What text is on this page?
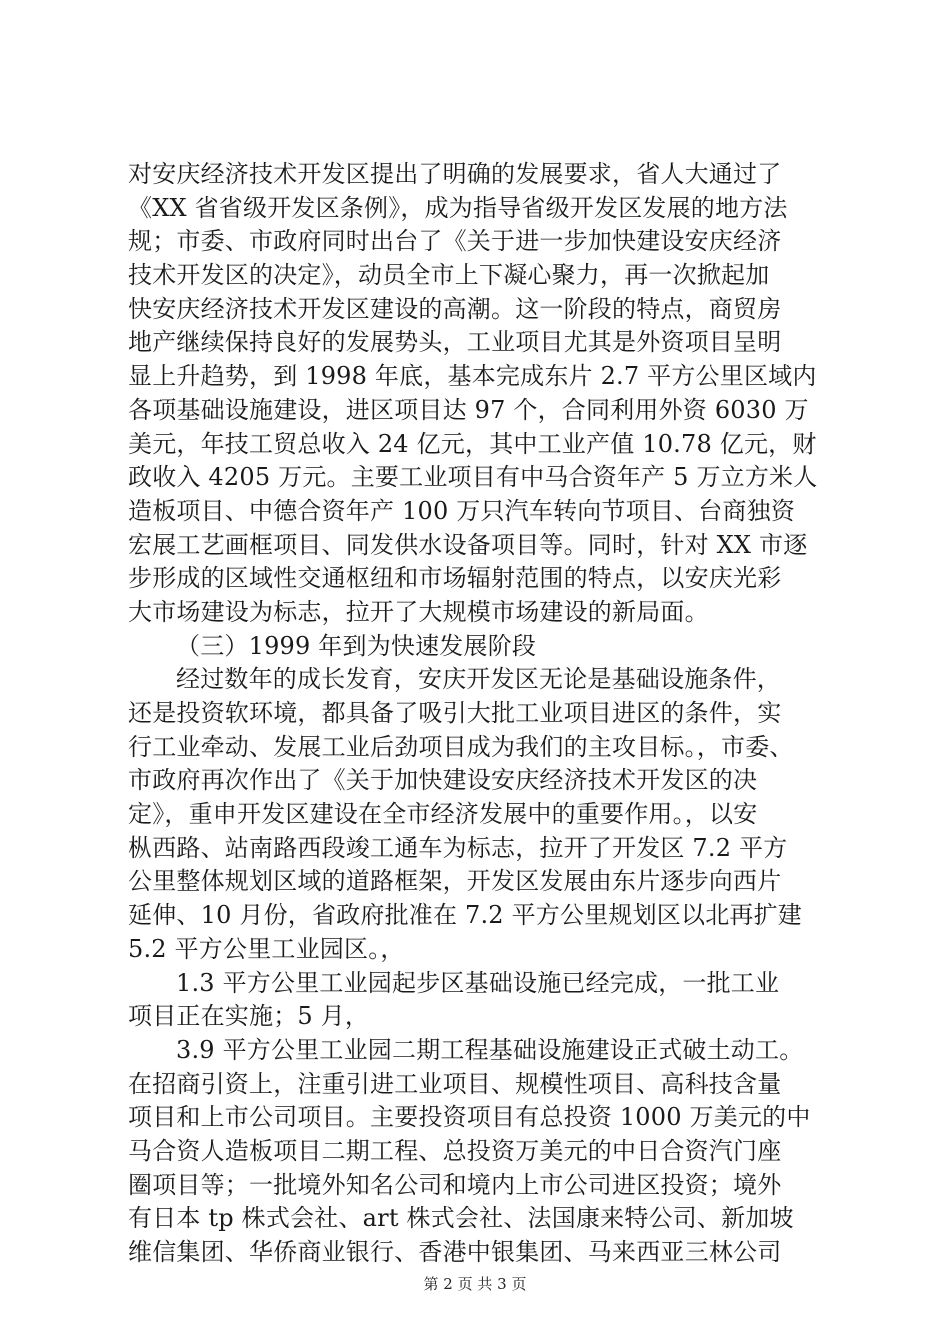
对安庆经济技术开发区提出了明确的发展要求，省人大通过了
《XX 省省级开发区条例》，成为指导省级开发区发展的地方法
规；市委、市政府同时出台了《关于进一步加快建设安庆经济
技术开发区的决定》，动员全市上下凝心聚力，再一次掀起加
快安庆经济技术开发区建设的高潮。这一阶段的特点，商贸房
地产继续保持良好的发展势头，工业项目尤其是外资项目呈明
显上升趋势，到 1998 年底，基本完成东片 2.7 平方公里区域内
各项基础设施建设，进区项目达 97 个，合同利用外资 6030 万
美元，年技工贸总收入 24 亿元，其中工业产值 10.78 亿元，财
政收入 4205 万元。主要工业项目有中马合资年产 5 万立方米人
造板项目、中德合资年产 100 万只汽车转向节项目、台商独资
宏展工艺画框项目、同发供水设备项目等。同时，针对 XX 市逐
步形成的区域性交通枢纽和市场辐射范围的特点，以安庆光彩
大市场建设为标志，拉开了大规模市场建设的新局面。
（三）1999 年到为快速发展阶段
经过数年的成长发育，安庆开发区无论是基础设施条件，
还是投资软环境，都具备了吸引大批工业项目进区的条件，实
行工业牵动、发展工业后劲项目成为我们的主攻目标。，市委、
市政府再次作出了《关于加快建设安庆经济技术开发区的决
定》，重申开发区建设在全市经济发展中的重要作用。，以安
枞西路、站南路西段竣工通车为标志，拉开了开发区 7.2 平方
公里整体规划区域的道路框架，开发区发展由东片逐步向西片
延伸、10 月份，省政府批准在 7.2 平方公里规划区以北再扩建
5.2 平方公里工业园区。，
1.3 平方公里工业园起步区基础设施已经完成，一批工业
项目正在实施；5 月，
3.9 平方公里工业园二期工程基础设施建设正式破土动工。
在招商引资上，注重引进工业项目、规模性项目、高科技含量
项目和上市公司项目。主要投资项目有总投资 1000 万美元的中
马合资人造板项目二期工程、总投资万美元的中日合资汽门座
圈项目等；一批境外知名公司和境内上市公司进区投资；境外
有日本 tp 株式会社、art 株式会社、法国康来特公司、新加坡
维信集团、华侨商业银行、香港中银集团、马来西亚三林公司
第 2 页 共 3 页
